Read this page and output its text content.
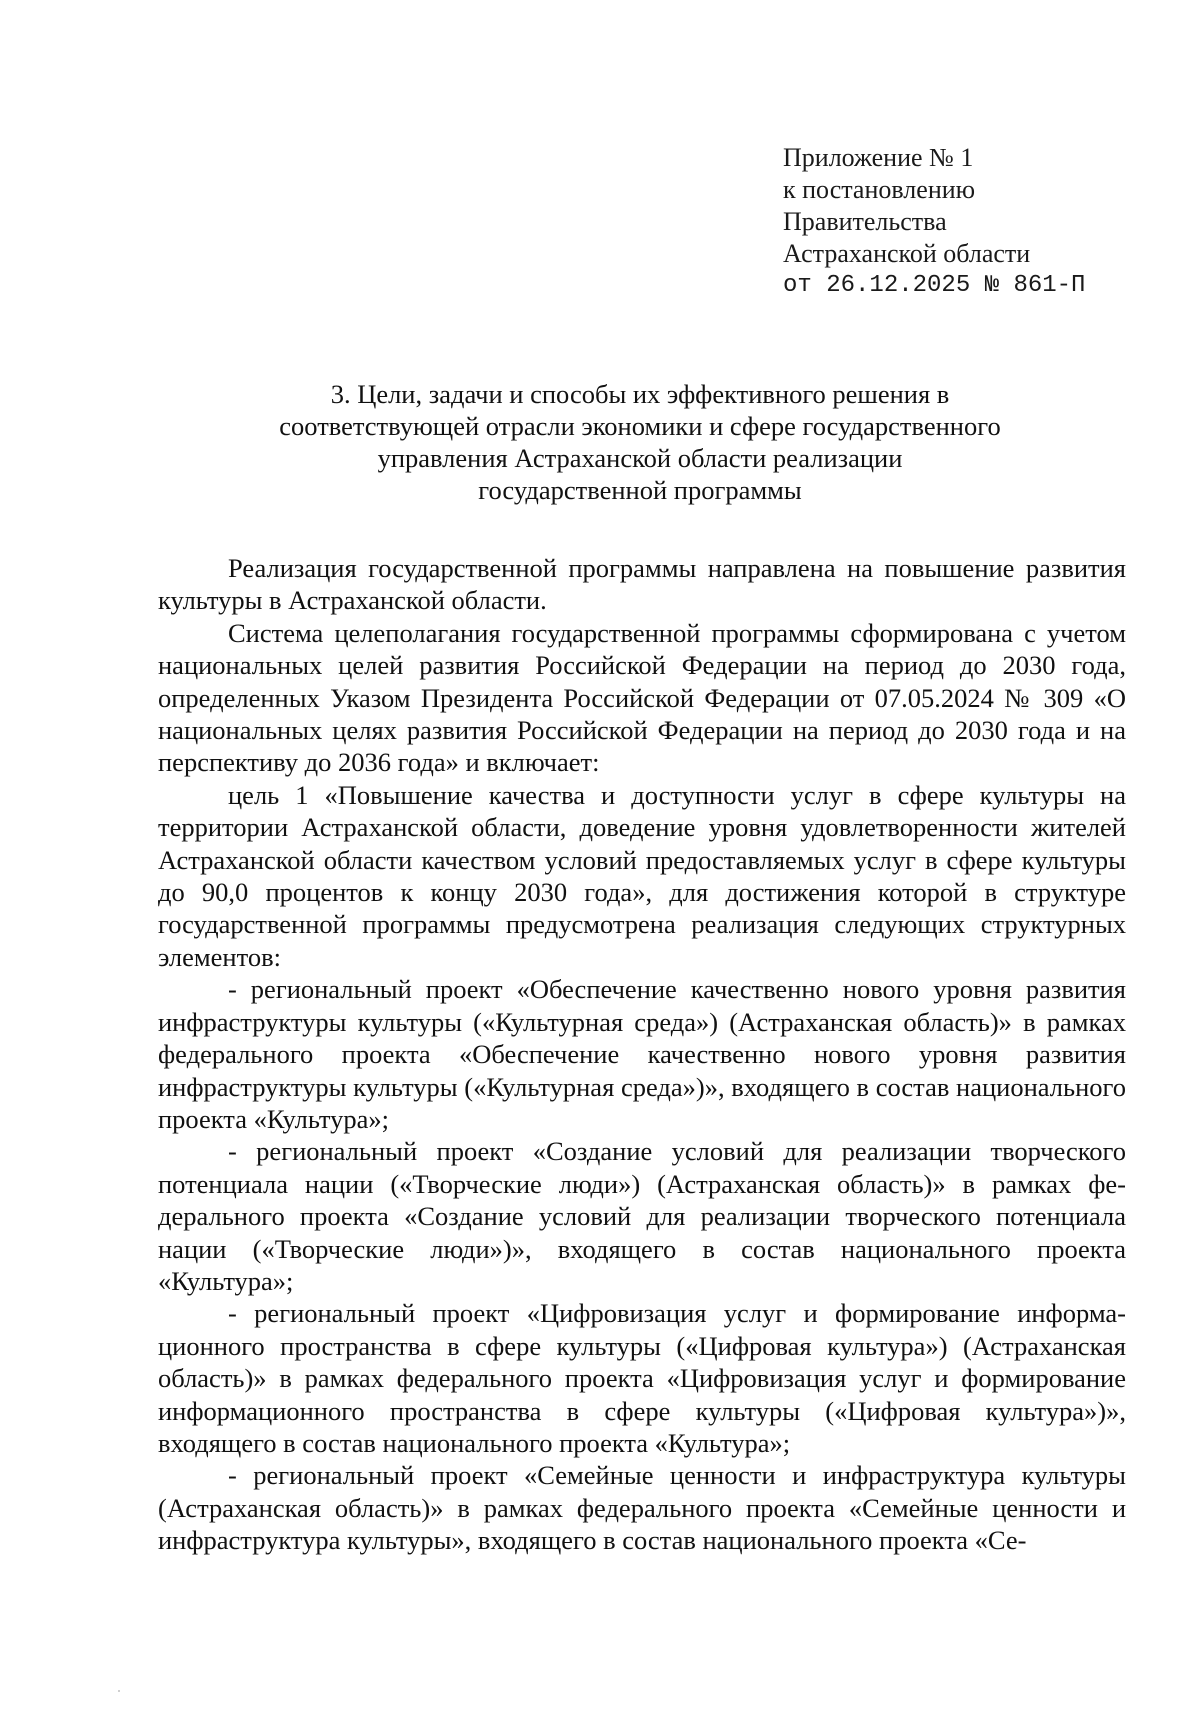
Приложение № 1
к постановлению
Правительства
Астраханской области
от 26.12.2025 № 861-П
3. Цели, задачи и способы их эффективного решения в
соответствующей отрасли экономики и сфере государственного
управления Астраханской области реализации
государственной программы

Реализация государственной программы направлена на повышение развития культуры в Астраханской области.

Система целеполагания государственной программы сформирована с учетом национальных целей развития Российской Федерации на период до 2030 года, определенных Указом Президента Российской Федерации от 07.05.2024 № 309 «О национальных целях развития Российской Федерации на период до 2030 года и на перспективу до 2036 года» и включает:

цель 1 «Повышение качества и доступности услуг в сфере культуры на территории Астраханской области, доведение уровня удовлетворенности жителей Астраханской области качеством условий предоставляемых услуг в сфере культуры до 90,0 процентов к концу 2030 года», для достижения которой в структуре государственной программы предусмотрена реализация следующих структурных элементов:

- региональный проект «Обеспечение качественно нового уровня развития инфраструктуры культуры («Культурная среда») (Астраханская область)» в рамках федерального проекта «Обеспечение качественно нового уровня развития инфраструктуры культуры («Культурная среда»)», входящего в состав национального проекта «Культура»;

- региональный проект «Создание условий для реализации творческого потенциала нации («Творческие люди») (Астраханская область)» в рамках федерального проекта «Создание условий для реализации творческого потенциала нации («Творческие люди»)», входящего в состав национального проекта «Культура»;

- региональный проект «Цифровизация услуг и формирование информационного пространства в сфере культуры («Цифровая культура») (Астраханская область)» в рамках федерального проекта «Цифровизация услуг и формирование информационного пространства в сфере культуры («Цифровая культура»)», входящего в состав национального проекта «Культура»;

- региональный проект «Семейные ценности и инфраструктура культуры (Астраханская область)» в рамках федерального проекта «Семейные ценности и инфраструктура культуры», входящего в состав национального проекта «Се-
